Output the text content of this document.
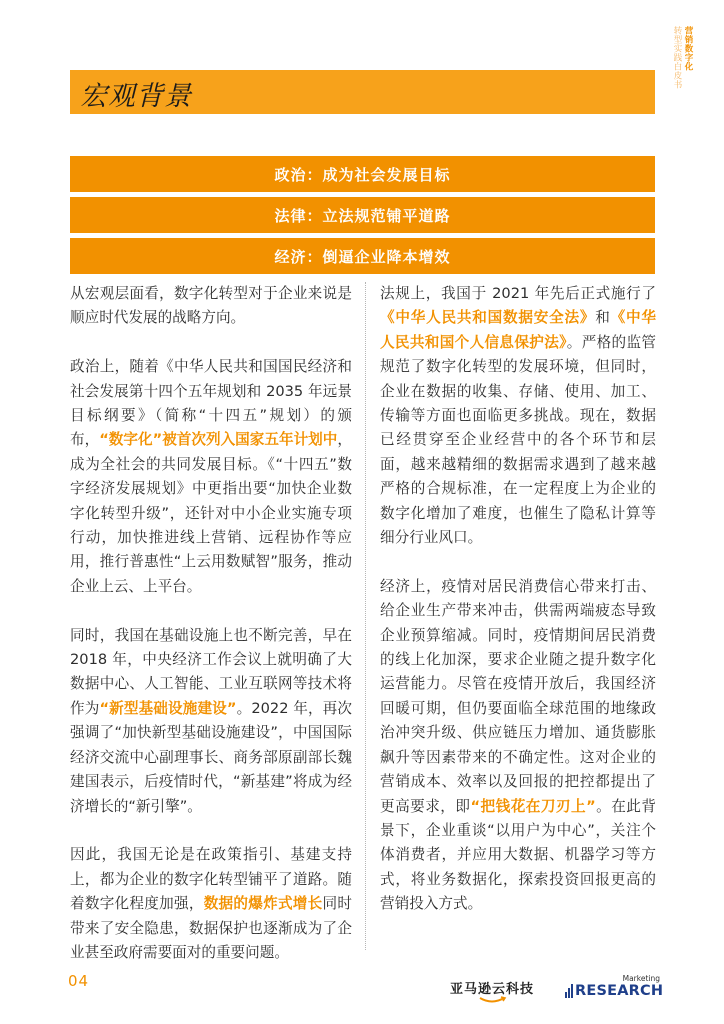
营销数字化
转型实践白皮书
宏观背景
政治：成为社会发展目标
法律：立法规范铺平道路
经济：倒逼企业降本增效

从宏观层面看，数字化转型对于企业来说是顺应时代发展的战略方向。

政治上，随着《中华人民共和国国民经济和社会发展第十四个五年规划和 2035 年远景目标纲要》（简称“十四五”规划）的颁布，“数字化”被首次列入国家五年计划中，成为全社会的共同发展目标。《“十四五”数字经济发展规划》中更指出要“加快企业数字化转型升级”，还针对中小企业实施专项行动，加快推进线上营销、远程协作等应用，推行普惠性“上云用数赋智”服务，推动企业上云、上平台。

同时，我国在基础设施上也不断完善，早在 2018 年，中央经济工作会议上就明确了大数据中心、人工智能、工业互联网等技术将作为“新型基础设施建设”。2022 年，再次强调了“加快新型基础设施建设”，中国国际经济交流中心副理事长、商务部原副部长魏建国表示，后疫情时代，“新基建”将成为经济增长的“新引擎”。

因此，我国无论是在政策指引、基建支持上，都为企业的数字化转型铺平了道路。随着数字化程度加强，数据的爆炸式增长同时带来了安全隐患，数据保护也逐渐成为了企业甚至政府需要面对的重要问题。

法规上，我国于 2021 年先后正式施行了《中华人民共和国数据安全法》和《中华人民共和国个人信息保护法》。严格的监管规范了数字化转型的发展环境，但同时，企业在数据的收集、存储、使用、加工、传输等方面也面临更多挑战。现在，数据已经贯穿至企业经营中的各个环节和层面，越来越精细的数据需求遇到了越来越严格的合规标准，在一定程度上为企业的数字化增加了难度，也催生了隐私计算等细分行业风口。

经济上，疫情对居民消费信心带来打击、给企业生产带来冲击，供需两端疲态导致企业预算缩减。同时，疫情期间居民消费的线上化加深，要求企业随之提升数字化运营能力。尽管在疫情开放后，我国经济回暖可期，但仍要面临全球范围的地缘政治冲突升级、供应链压力增加、通货膨胀飙升等因素带来的不确定性。这对企业的营销成本、效率以及回报的把控都提出了更高要求，即“把钱花在刀刃上”。在此背景下，企业重谈“以用户为中心”，关注个体消费者，并应用大数据、机器学习等方式，将业务数据化，探索投资回报更高的营销投入方式。

04	亚马逊云科技
Marketing
RESEARCH
